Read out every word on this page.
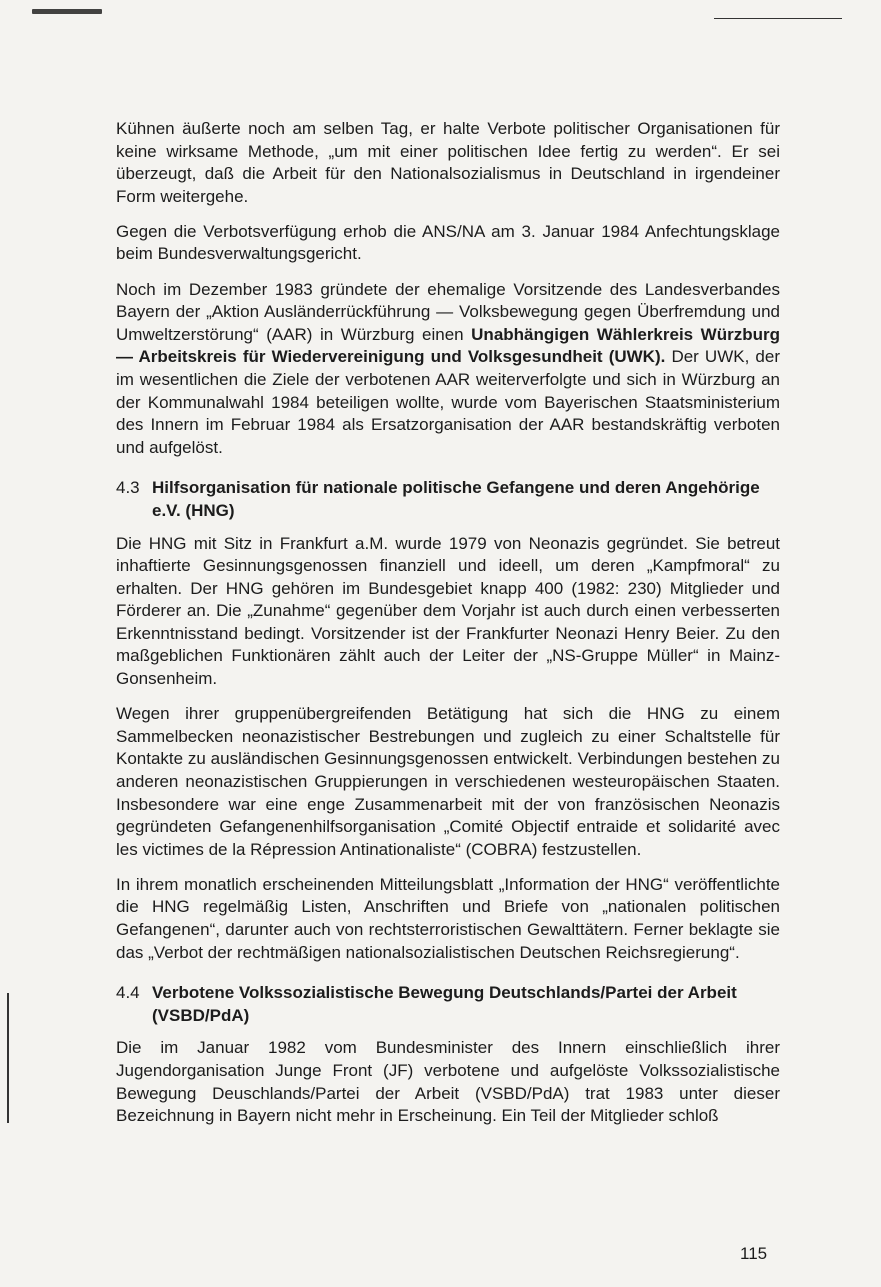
Kühnen äußerte noch am selben Tag, er halte Verbote politischer Organisationen für keine wirksame Methode, „um mit einer politischen Idee fertig zu werden“. Er sei überzeugt, daß die Arbeit für den Nationalsozialismus in Deutschland in irgendeiner Form weitergehe.

Gegen die Verbotsverfügung erhob die ANS/NA am 3. Januar 1984 Anfechtungsklage beim Bundesverwaltungsgericht.

Noch im Dezember 1983 gründete der ehemalige Vorsitzende des Landesverbandes Bayern der „Aktion Ausländerrückführung — Volksbewegung gegen Überfremdung und Umweltzerstörung“ (AAR) in Würzburg einen Unabhängigen Wählerkreis Würzburg — Arbeitskreis für Wiedervereinigung und Volksgesundheit (UWK). Der UWK, der im wesentlichen die Ziele der verbotenen AAR weiterverfolgte und sich in Würzburg an der Kommunalwahl 1984 beteiligen wollte, wurde vom Bayerischen Staatsministerium des Innern im Februar 1984 als Ersatzorganisation der AAR bestandskräftig verboten und aufgelöst.

4.3 Hilfsorganisation für nationale politische Gefangene und deren Angehörige e.V. (HNG)

Die HNG mit Sitz in Frankfurt a.M. wurde 1979 von Neonazis gegründet. Sie betreut inhaftierte Gesinnungsgenossen finanziell und ideell, um deren „Kampfmoral“ zu erhalten. Der HNG gehören im Bundesgebiet knapp 400 (1982: 230) Mitglieder und Förderer an. Die „Zunahme“ gegenüber dem Vorjahr ist auch durch einen verbesserten Erkenntnisstand bedingt. Vorsitzender ist der Frankfurter Neonazi Henry Beier. Zu den maßgeblichen Funktionären zählt auch der Leiter der „NS-Gruppe Müller“ in Mainz-Gonsenheim.

Wegen ihrer gruppenübergreifenden Betätigung hat sich die HNG zu einem Sammelbecken neonazistischer Bestrebungen und zugleich zu einer Schaltstelle für Kontakte zu ausländischen Gesinnungsgenossen entwickelt. Verbindungen bestehen zu anderen neonazistischen Gruppierungen in verschiedenen westeuropäischen Staaten. Insbesondere war eine enge Zusammenarbeit mit der von französischen Neonazis gegründeten Gefangenenhilfsorganisation „Comité Objectif entraide et solidarité avec les victimes de la Répression Antinationaliste“ (COBRA) festzustellen.

In ihrem monatlich erscheinenden Mitteilungsblatt „Information der HNG“ veröffentlichte die HNG regelmäßig Listen, Anschriften und Briefe von „nationalen politischen Gefangenen“, darunter auch von rechtsterroristischen Gewalttätern. Ferner beklagte sie das „Verbot der rechtmäßigen nationalsozialistischen Deutschen Reichsregierung“.

4.4 Verbotene Volkssozialistische Bewegung Deutschlands/Partei der Arbeit (VSBD/PdA)

Die im Januar 1982 vom Bundesminister des Innern einschließlich ihrer Jugendorganisation Junge Front (JF) verbotene und aufgelöste Volkssozialistische Bewegung Deuschlands/Partei der Arbeit (VSBD/PdA) trat 1983 unter dieser Bezeichnung in Bayern nicht mehr in Erscheinung. Ein Teil der Mitglieder schloß

115
